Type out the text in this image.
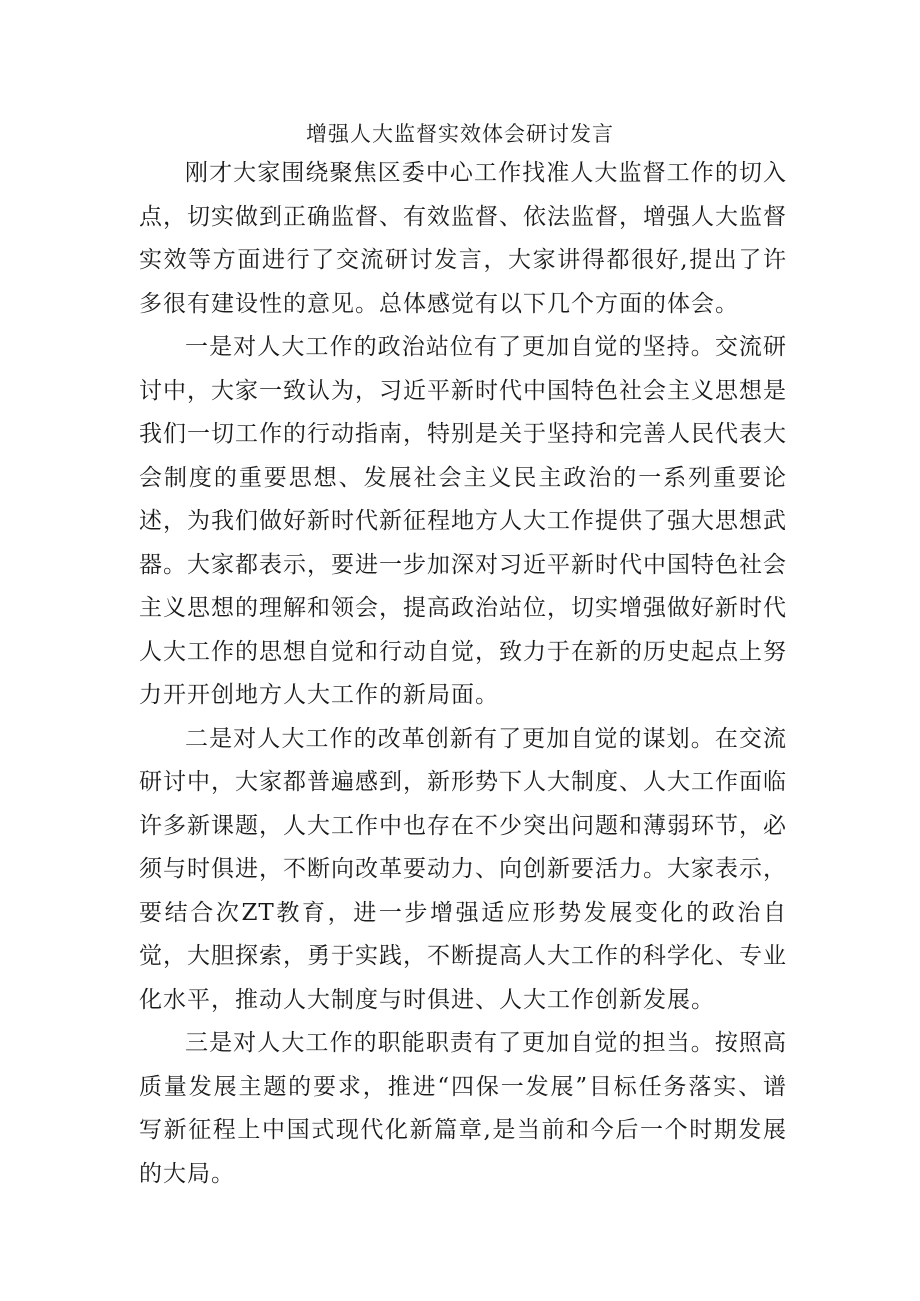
增强人大监督实效体会研讨发言

刚才大家围绕聚焦区委中心工作找准人大监督工作的切入点，切实做到正确监督、有效监督、依法监督，增强人大监督实效等方面进行了交流研讨发言，大家讲得都很好,提出了许多很有建设性的意见。总体感觉有以下几个方面的体会。

一是对人大工作的政治站位有了更加自觉的坚持。交流研讨中，大家一致认为，习近平新时代中国特色社会主义思想是我们一切工作的行动指南，特别是关于坚持和完善人民代表大会制度的重要思想、发展社会主义民主政治的一系列重要论述，为我们做好新时代新征程地方人大工作提供了强大思想武器。大家都表示，要进一步加深对习近平新时代中国特色社会主义思想的理解和领会，提高政治站位，切实增强做好新时代人大工作的思想自觉和行动自觉，致力于在新的历史起点上努力开开创地方人大工作的新局面。

二是对人大工作的改革创新有了更加自觉的谋划。在交流研讨中，大家都普遍感到，新形势下人大制度、人大工作面临许多新课题，人大工作中也存在不少突出问题和薄弱环节，必须与时俱进，不断向改革要动力、向创新要活力。大家表示，要结合次ZT教育，进一步增强适应形势发展变化的政治自觉，大胆探索，勇于实践，不断提高人大工作的科学化、专业化水平，推动人大制度与时俱进、人大工作创新发展。

三是对人大工作的职能职责有了更加自觉的担当。按照高质量发展主题的要求，推进“四保一发展”目标任务落实、谱写新征程上中国式现代化新篇章,是当前和今后一个时期发展的大局。
